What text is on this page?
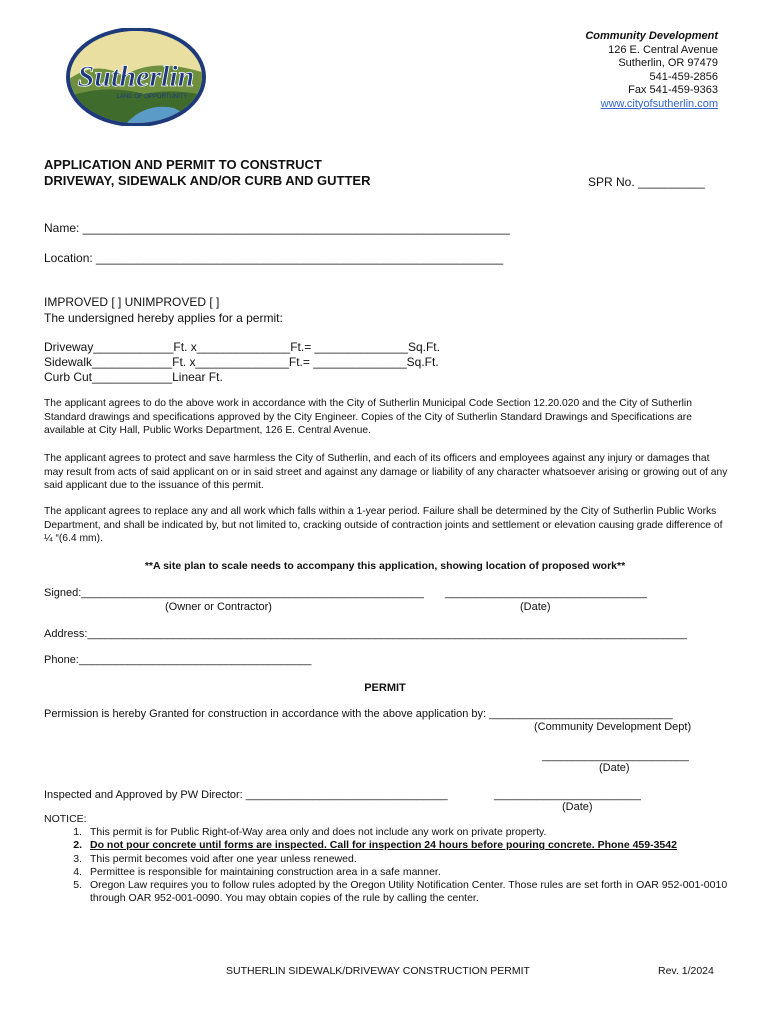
Sutherlin
LAND OF OPPORTUNITY
Community Development
126 E. Central Avenue
Sutherlin, OR 97479
541-459-2856
Fax 541-459-9363
www.cityofsutherlin.com
APPLICATION AND PERMIT TO CONSTRUCT
DRIVEWAY, SIDEWALK AND/OR CURB AND GUTTER	SPR No. __________
Name: ________________________________________________________________
Location: _____________________________________________________________
IMPROVED [ ] UNIMPROVED [ ]
The undersigned hereby applies for a permit:
Driveway____________Ft. x______________Ft.= ______________Sq.Ft.
Sidewalk____________Ft. x______________Ft.= ______________Sq.Ft.
Curb Cut____________Linear Ft.
The applicant agrees to do the above work in accordance with the City of Sutherlin Municipal Code Section 12.20.020 and the City of Sutherlin Standard drawings and specifications approved by the City Engineer. Copies of the City of Sutherlin Standard Drawings and Specifications are available at City Hall, Public Works Department, 126 E. Central Avenue.
The applicant agrees to protect and save harmless the City of Sutherlin, and each of its officers and employees against any injury or damages that may result from acts of said applicant on or in said street and against any damage or liability of any character whatsoever arising or growing out of any said applicant due to the issuance of this permit.
The applicant agrees to replace any and all work which falls within a 1-year period. Failure shall be determined by the City of Sutherlin Public Works Department, and shall be indicated by, but not limited to, cracking outside of contraction joints and settlement or elevation causing grade difference of ¼ “(6.4 mm).
**A site plan to scale needs to accompany this application, showing location of proposed work**
Signed:________________________________________________________ _________________________________
(Owner or Contractor)	(Date)
Address:__________________________________________________________________________________________________
Phone:______________________________________
PERMIT
Permission is hereby Granted for construction in accordance with the above application by: ______________________________
(Community Development Dept)
________________________
(Date)
Inspected and Approved by PW Director: _________________________________	________________________
(Date)
NOTICE:
1. This permit is for Public Right-of-Way area only and does not include any work on private property.
2. Do not pour concrete until forms are inspected. Call for inspection 24 hours before pouring concrete. Phone 459-3542
3. This permit becomes void after one year unless renewed.
4. Permittee is responsible for maintaining construction area in a safe manner.
5. Oregon Law requires you to follow rules adopted by the Oregon Utility Notification Center. Those rules are set forth in OAR 952-001-0010 through OAR 952-001-0090. You may obtain copies of the rule by calling the center.
SUTHERLIN SIDEWALK/DRIVEWAY CONSTRUCTION PERMIT	Rev. 1/2024
